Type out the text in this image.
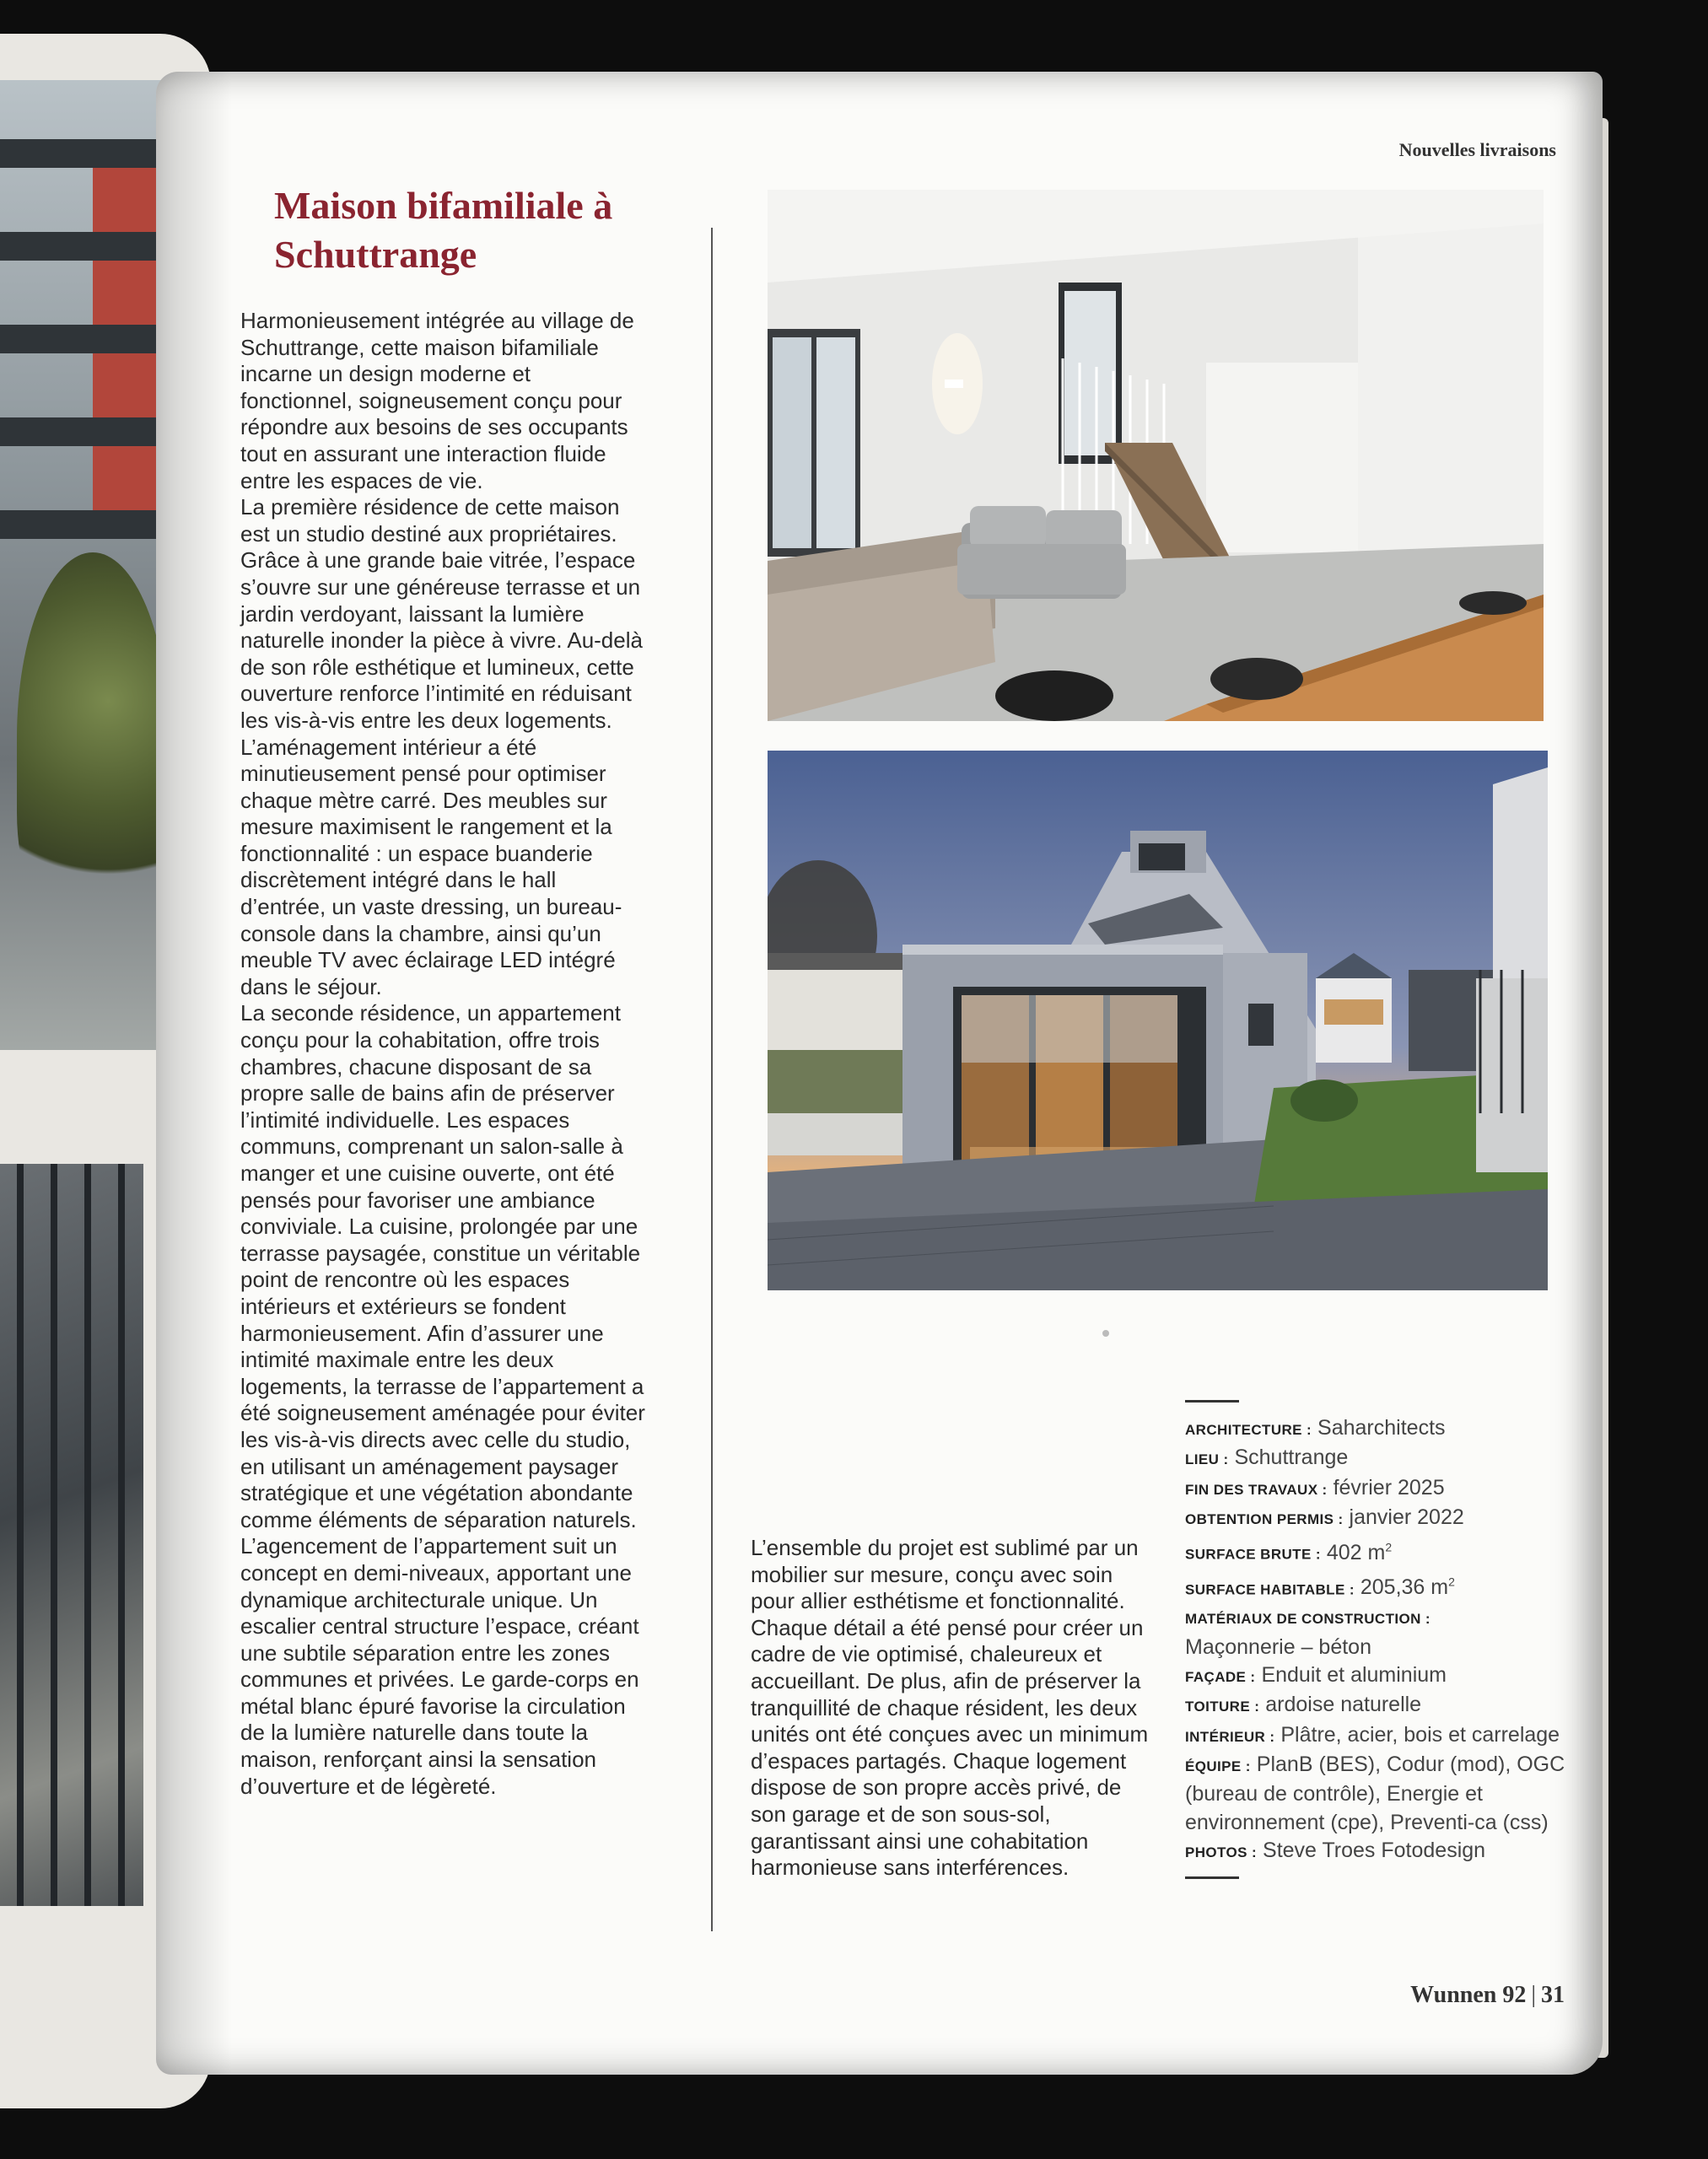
Nouvelles livraisons
Maison bifamiliale à Schuttrange

Harmonieusement intégrée au village de Schuttrange, cette maison bifamiliale incarne un design moderne et fonctionnel, soigneusement conçu pour répondre aux besoins de ses occupants tout en assurant une interaction fluide entre les espaces de vie.

La première résidence de cette maison est un studio destiné aux propriétaires. Grâce à une grande baie vitrée, l’espace s’ouvre sur une généreuse terrasse et un jardin verdoyant, laissant la lumière naturelle inonder la pièce à vivre. Au-delà de son rôle esthétique et lumineux, cette ouverture renforce l’intimité en réduisant les vis-à-vis entre les deux logements. L’aménagement intérieur a été minutieusement pensé pour optimiser chaque mètre carré. Des meubles sur mesure maximisent le rangement et la fonctionnalité : un espace buanderie discrètement intégré dans le hall d’entrée, un vaste dressing, un bureau-console dans la chambre, ainsi qu’un meuble TV avec éclairage LED intégré dans le séjour.

La seconde résidence, un appartement conçu pour la cohabitation, offre trois chambres, chacune disposant de sa propre salle de bains afin de préserver l’intimité individuelle. Les espaces communs, comprenant un salon-salle à manger et une cuisine ouverte, ont été pensés pour favoriser une ambiance conviviale. La cuisine, prolongée par une terrasse paysagée, constitue un véritable point de rencontre où les espaces intérieurs et extérieurs se fondent harmonieusement. Afin d’assurer une intimité maximale entre les deux logements, la terrasse de l’appartement a été soigneusement aménagée pour éviter les vis-à-vis directs avec celle du studio, en utilisant un aménagement paysager stratégique et une végétation abondante comme éléments de séparation naturels.

L’agencement de l’appartement suit un concept en demi-niveaux, apportant une dynamique architecturale unique. Un escalier central structure l’espace, créant une subtile séparation entre les zones communes et privées. Le garde-corps en métal blanc épuré favorise la circulation de la lumière naturelle dans toute la maison, renforçant ainsi la sensation d’ouverture et de légèreté.

L’ensemble du projet est sublimé par un mobilier sur mesure, conçu avec soin pour allier esthétisme et fonctionnalité. Chaque détail a été pensé pour créer un cadre de vie optimisé, chaleureux et accueillant. De plus, afin de préserver la tranquillité de chaque résident, les deux unités ont été conçues avec un minimum d’espaces partagés. Chaque logement dispose de son propre accès privé, de son garage et de son sous-sol, garantissant ainsi une cohabitation harmonieuse sans interférences.

ARCHITECTURE : Saharchitects

LIEU : Schuttrange

FIN DES TRAVAUX : février 2025

OBTENTION PERMIS : janvier 2022

SURFACE BRUTE : 402 $m^2$

SURFACE HABITABLE : 205,36 $m^2$

MATÉRIAUX DE CONSTRUCTION :
Maçonnerie – béton

FAÇADE : Enduit et aluminium

TOITURE : ardoise naturelle

INTÉRIEUR : Plâtre, acier, bois et carrelage

ÉQUIPE : PlanB (BES), Codur (mod), OGC (bureau de contrôle), Energie et environnement (cpe), Preventi-ca (css)

PHOTOS : Steve Troes Fotodesign

Wunnen 92 | 31
